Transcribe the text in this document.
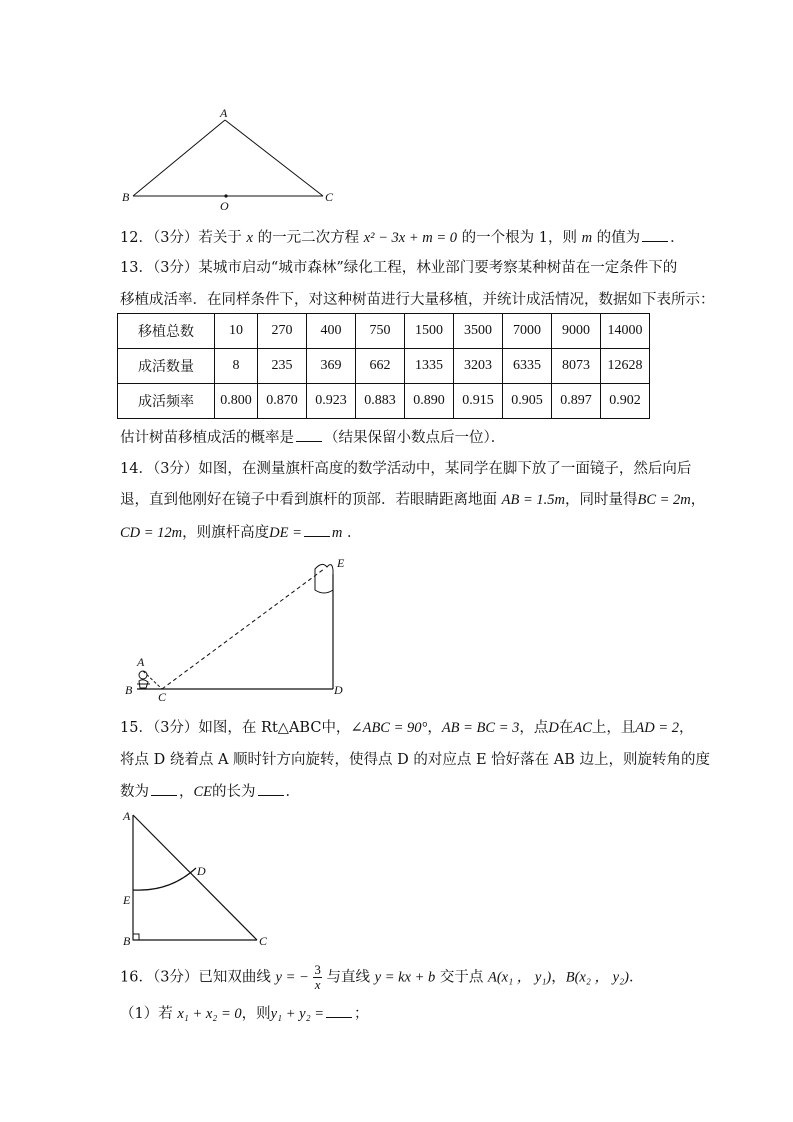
A
B	C
O
12．（3分）若关于 x 的一元二次方程 x² − 3x + m = 0 的一个根为 1，则 m 的值为 ．
13．（3分）某城市启动“城市森林”绿化工程，林业部门要考察某种树苗在一定条件下的
移植成活率．在同样条件下，对这种树苗进行大量移植，并统计成活情况，数据如下表所示：
移植总数	10	270	400	750	1500	3500	7000	9000	14000
成活数量	8	235	369	662	1335	3203	6335	8073	12628
成活频率	0.800	0.870	0.923	0.883	0.890	0.915	0.905	0.897	0.902
估计树苗移植成活的概率是 （结果保留小数点后一位）．
14．（3分）如图，在测量旗杆高度的数学活动中，某同学在脚下放了一面镜子，然后向后
退，直到他刚好在镜子中看到旗杆的顶部．若眼睛距离地面 AB = 1.5m，同时量得BC = 2m，
CD = 12m，则旗杆高度DE = m ．
A
B C	D
E
15．（3分）如图，在 Rt△ABC中，∠ABC = 90°，AB = BC = 3，点D在AC上，且AD = 2，
将点 D 绕着点 A 顺时针方向旋转，使得点 D 的对应点 E 恰好落在 AB 边上，则旋转角的度
数为 ，CE的长为 ．
A
B	C
D
E
16．（3分）已知双曲线 y = − $\frac{3}{x}$ 与直线 y = kx + b 交于点 A(x₁ ， y₁)，B(x₂ ， y₂)．
（1）若 x₁ + x₂ = 0，则y₁ + y₂ = ；
